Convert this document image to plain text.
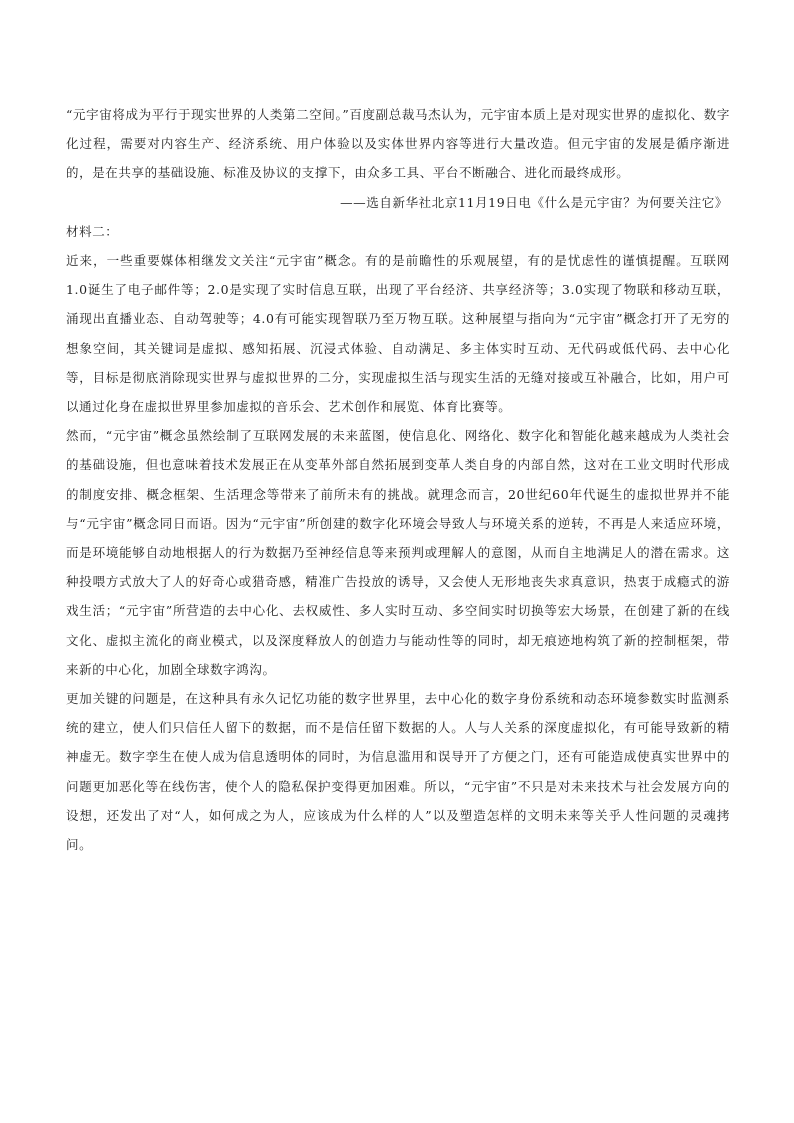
“元宇宙将成为平行于现实世界的人类第二空间。”百度副总裁马杰认为，元宇宙本质上是对现实世界的虚拟化、数字化过程，需要对内容生产、经济系统、用户体验以及实体世界内容等进行大量改造。但元宇宙的发展是循序渐进的，是在共享的基础设施、标准及协议的支撑下，由众多工具、平台不断融合、进化而最终成形。

——选自新华社北京11月19日电《什么是元宇宙？为何要关注它》

材料二：

近来，一些重要媒体相继发文关注“元宇宙”概念。有的是前瞻性的乐观展望，有的是忧虑性的谨慎提醒。互联网1.0诞生了电子邮件等；2.0是实现了实时信息互联，出现了平台经济、共享经济等；3.0实现了物联和移动互联，涌现出直播业态、自动驾驶等；4.0有可能实现智联乃至万物互联。这种展望与指向为“元宇宙”概念打开了无穷的想象空间，其关键词是虚拟、感知拓展、沉浸式体验、自动满足、多主体实时互动、无代码或低代码、去中心化等，目标是彻底消除现实世界与虚拟世界的二分，实现虚拟生活与现实生活的无缝对接或互补融合，比如，用户可以通过化身在虚拟世界里参加虚拟的音乐会、艺术创作和展览、体育比赛等。

然而，“元宇宙”概念虽然绘制了互联网发展的未来蓝图，使信息化、网络化、数字化和智能化越来越成为人类社会的基础设施，但也意味着技术发展正在从变革外部自然拓展到变革人类自身的内部自然，这对在工业文明时代形成的制度安排、概念框架、生活理念等带来了前所未有的挑战。就理念而言，20世纪60年代诞生的虚拟世界并不能与“元宇宙”概念同日而语。因为“元宇宙”所创建的数字化环境会导致人与环境关系的逆转，不再是人来适应环境，而是环境能够自动地根据人的行为数据乃至神经信息等来预判或理解人的意图，从而自主地满足人的潜在需求。这种投喂方式放大了人的好奇心或猎奇感，精准广告投放的诱导，又会使人无形地丧失求真意识，热衷于成瘾式的游戏生活；“元宇宙”所营造的去中心化、去权威性、多人实时互动、多空间实时切换等宏大场景，在创建了新的在线文化、虚拟主流化的商业模式，以及深度释放人的创造力与能动性等的同时，却无痕迹地构筑了新的控制框架，带来新的中心化，加剧全球数字鸿沟。

更加关键的问题是，在这种具有永久记忆功能的数字世界里，去中心化的数字身份系统和动态环境参数实时监测系统的建立，使人们只信任人留下的数据，而不是信任留下数据的人。人与人关系的深度虚拟化，有可能导致新的精神虚无。数字孪生在使人成为信息透明体的同时，为信息滥用和误导开了方便之门，还有可能造成使真实世界中的问题更加恶化等在线伤害，使个人的隐私保护变得更加困难。所以，“元宇宙”不只是对未来技术与社会发展方向的设想，还发出了对“人，如何成之为人，应该成为什么样的人”以及塑造怎样的文明未来等关乎人性问题的灵魂拷问。
